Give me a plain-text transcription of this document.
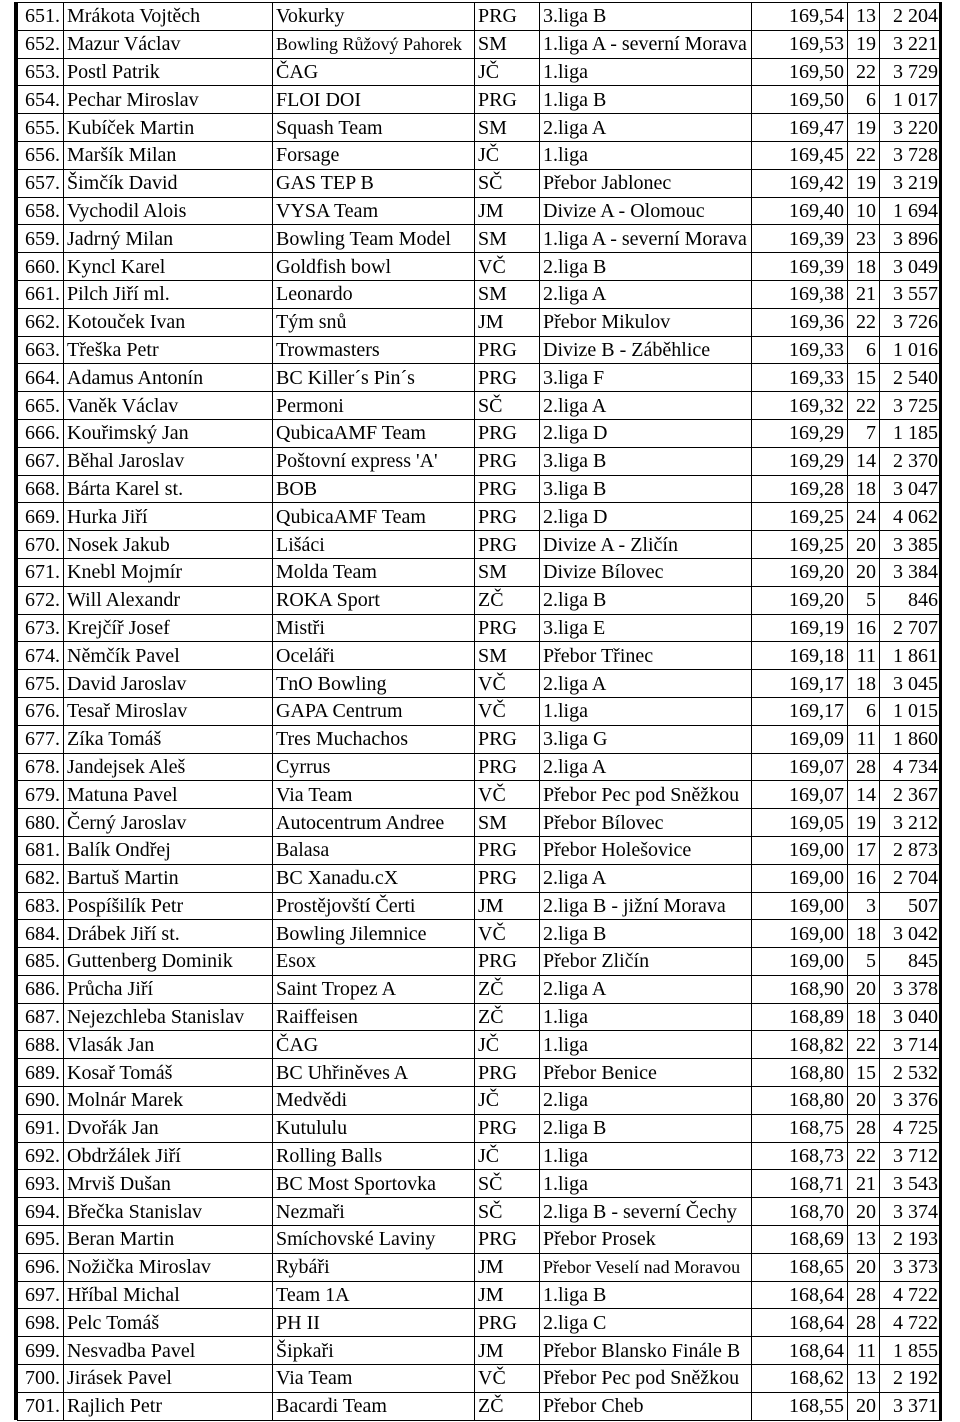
651.	Mrákota Vojtěch	Vokurky	PRG	3.liga B	169,54	13	2 204
652.	Mazur Václav	Bowling Růžový Pahorek	SM	1.liga A - severní Morava	169,53	19	3 221
653.	Postl Patrik	ČAG	JČ	1.liga	169,50	22	3 729
654.	Pechar Miroslav	FLOI DOI	PRG	1.liga B	169,50	6	1 017
655.	Kubíček Martin	Squash Team	SM	2.liga A	169,47	19	3 220
656.	Maršík Milan	Forsage	JČ	1.liga	169,45	22	3 728
657.	Šimčík David	GAS TEP B	SČ	Přebor Jablonec	169,42	19	3 219
658.	Vychodil Alois	VYSA Team	JM	Divize A - Olomouc	169,40	10	1 694
659.	Jadrný Milan	Bowling Team Model	SM	1.liga A - severní Morava	169,39	23	3 896
660.	Kyncl Karel	Goldfish bowl	VČ	2.liga B	169,39	18	3 049
661.	Pilch Jiří ml.	Leonardo	SM	2.liga A	169,38	21	3 557
662.	Kotouček Ivan	Tým snů	JM	Přebor Mikulov	169,36	22	3 726
663.	Třeška Petr	Trowmasters	PRG	Divize B - Záběhlice	169,33	6	1 016
664.	Adamus Antonín	BC Killer´s Pin´s	PRG	3.liga F	169,33	15	2 540
665.	Vaněk Václav	Permoni	SČ	2.liga A	169,32	22	3 725
666.	Kouřimský Jan	QubicaAMF Team	PRG	2.liga D	169,29	7	1 185
667.	Běhal Jaroslav	Poštovní express 'A'	PRG	3.liga B	169,29	14	2 370
668.	Bárta Karel st.	BOB	PRG	3.liga B	169,28	18	3 047
669.	Hurka Jiří	QubicaAMF Team	PRG	2.liga D	169,25	24	4 062
670.	Nosek Jakub	Lišáci	PRG	Divize A - Zličín	169,25	20	3 385
671.	Knebl Mojmír	Molda Team	SM	Divize Bílovec	169,20	20	3 384
672.	Will Alexandr	ROKA Sport	ZČ	2.liga B	169,20	5	846
673.	Krejčíř Josef	Mistři	PRG	3.liga E	169,19	16	2 707
674.	Němčík Pavel	Oceláři	SM	Přebor Třinec	169,18	11	1 861
675.	David Jaroslav	TnO Bowling	VČ	2.liga A	169,17	18	3 045
676.	Tesař Miroslav	GAPA Centrum	VČ	1.liga	169,17	6	1 015
677.	Zíka Tomáš	Tres Muchachos	PRG	3.liga G	169,09	11	1 860
678.	Jandejsek Aleš	Cyrrus	PRG	2.liga A	169,07	28	4 734
679.	Matuna Pavel	Via Team	VČ	Přebor Pec pod Sněžkou	169,07	14	2 367
680.	Černý Jaroslav	Autocentrum Andree	SM	Přebor Bílovec	169,05	19	3 212
681.	Balík Ondřej	Balasa	PRG	Přebor Holešovice	169,00	17	2 873
682.	Bartuš Martin	BC Xanadu.cX	PRG	2.liga A	169,00	16	2 704
683.	Pospíšilík Petr	Prostějovští Čerti	JM	2.liga B - jižní Morava	169,00	3	507
684.	Drábek Jiří st.	Bowling Jilemnice	VČ	2.liga B	169,00	18	3 042
685.	Guttenberg Dominik	Esox	PRG	Přebor Zličín	169,00	5	845
686.	Průcha Jiří	Saint Tropez A	ZČ	2.liga A	168,90	20	3 378
687.	Nejezchleba Stanislav	Raiffeisen	ZČ	1.liga	168,89	18	3 040
688.	Vlasák Jan	ČAG	JČ	1.liga	168,82	22	3 714
689.	Kosař Tomáš	BC Uhřiněves A	PRG	Přebor Benice	168,80	15	2 532
690.	Molnár Marek	Medvědi	JČ	2.liga	168,80	20	3 376
691.	Dvořák Jan	Kutululu	PRG	2.liga B	168,75	28	4 725
692.	Obdržálek Jiří	Rolling Balls	JČ	1.liga	168,73	22	3 712
693.	Mrviš Dušan	BC Most Sportovka	SČ	1.liga	168,71	21	3 543
694.	Břečka Stanislav	Nezmaři	SČ	2.liga B - severní Čechy	168,70	20	3 374
695.	Beran Martin	Smíchovské Laviny	PRG	Přebor Prosek	168,69	13	2 193
696.	Nožička Miroslav	Rybáři	JM	Přebor Veselí nad Moravou	168,65	20	3 373
697.	Hříbal Michal	Team 1A	JM	1.liga B	168,64	28	4 722
698.	Pelc Tomáš	PH II	PRG	2.liga C	168,64	28	4 722
699.	Nesvadba Pavel	Šipkaři	JM	Přebor Blansko Finále B	168,64	11	1 855
700.	Jirásek Pavel	Via Team	VČ	Přebor Pec pod Sněžkou	168,62	13	2 192
701.	Rajlich Petr	Bacardi Team	ZČ	Přebor Cheb	168,55	20	3 371
